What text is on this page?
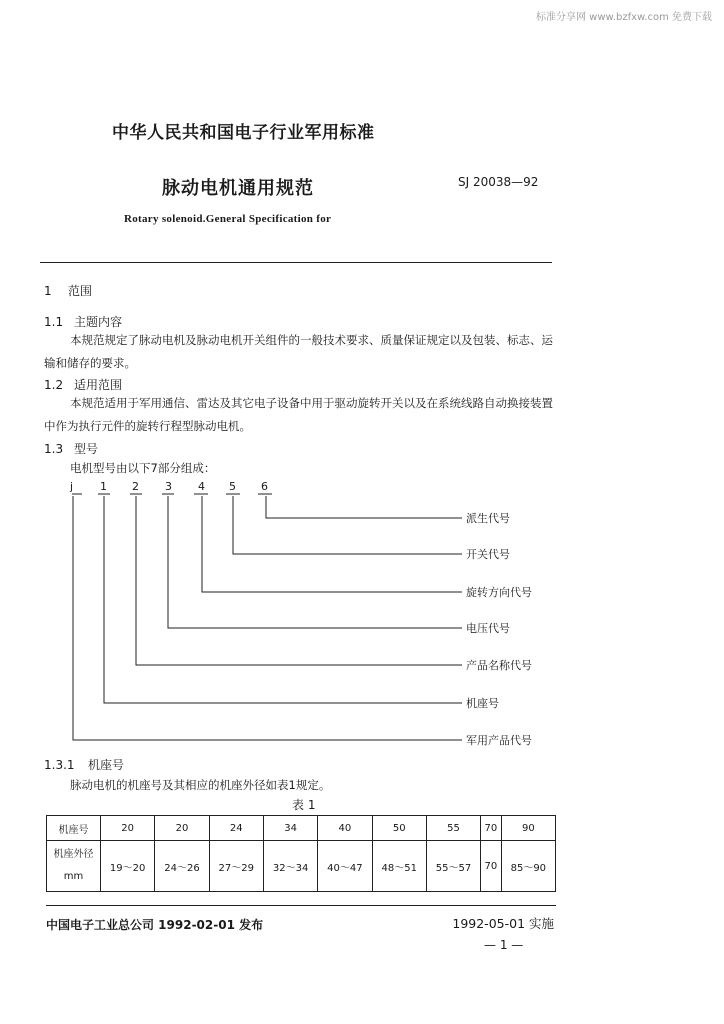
标准分享网 www.bzfxw.com 免费下载
中华人民共和国电子行业军用标准
脉动电机通用规范	SJ 20038—92
Rotary solenoid.General Specification for
1 范围
1.1 主题内容
本规范规定了脉动电机及脉动电机开关组件的一般技术要求、质量保证规定以及包装、标志、运输和储存的要求。
1.2 适用范围
本规范适用于军用通信、雷达及其它电子设备中用于驱动旋转开关以及在系统线路自动换接装置中作为执行元件的旋转行程型脉动电机。
1.3 型号
电机型号由以下7部分组成：
j 1 2 3 4 5 6
派生代号
开关代号
旋转方向代号
电压代号
产品名称代号
机座号
军用产品代号
1.3.1 机座号
脉动电机的机座号及其相应的机座外径如表1规定。
表 1
机座号	20	20	24	34	40	50	55	70	90

机座外径
mm	19～20	24～26	27～29	32～34	40～47	48～51	55～57	70	85～90
中国电子工业总公司 1992-02-01 发布	1992-05-01 实施
— 1 —
